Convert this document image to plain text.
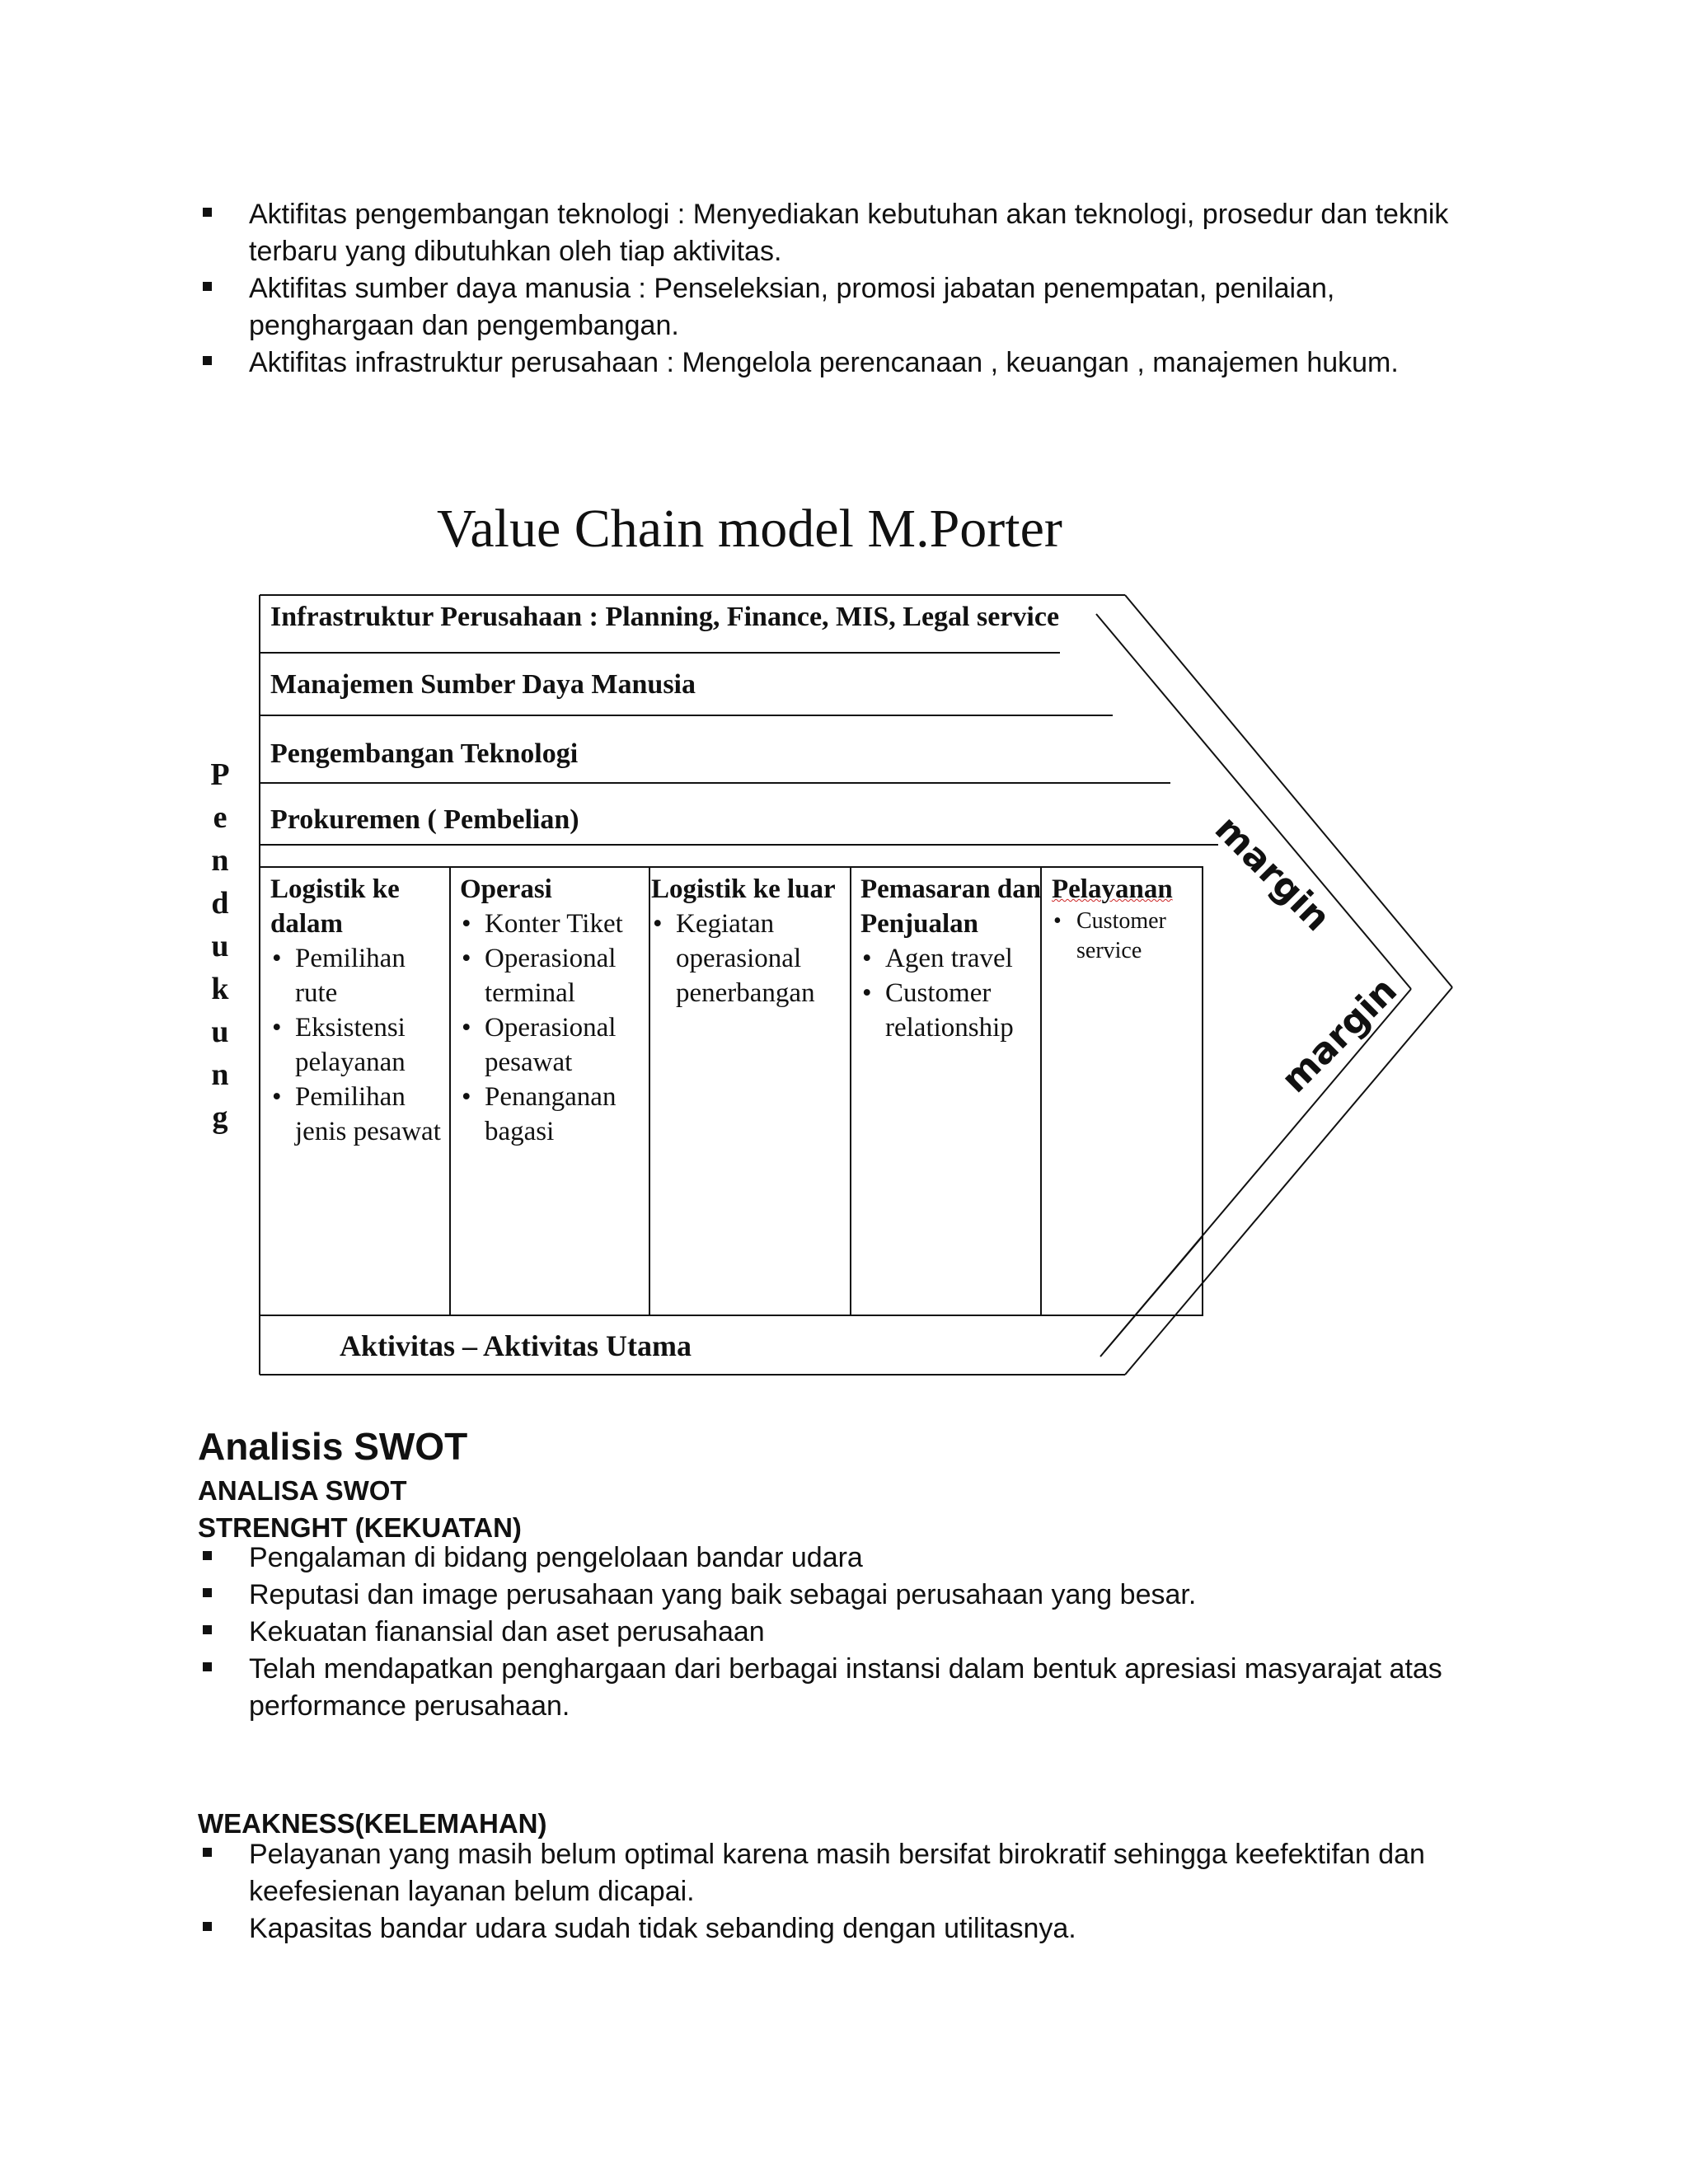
Aktifitas pengembangan teknologi : Menyediakan kebutuhan akan teknologi, prosedur dan teknik terbaru yang dibutuhkan oleh tiap aktivitas.
Aktifitas sumber daya manusia : Penseleksian, promosi jabatan penempatan, penilaian, penghargaan dan pengembangan.
Aktifitas infrastruktur perusahaan : Mengelola perencanaan , keuangan , manajemen hukum.
Value Chain model M.Porter
Infrastruktur Perusahaan : Planning, Finance, MIS, Legal service
Manajemen Sumber Daya Manusia
Pengembangan Teknologi
Prokuremen ( Pembelian)
P
e
n
d
u
k
u
n
g
Logistik ke dalam
• Pemilihan rute
• Eksistensi pelayanan
• Pemilihan jenis pesawat
Operasi
• Konter Tiket
• Operasional terminal
• Operasional pesawat
• Penanganan bagasi
Logistik ke luar
• Kegiatan operasional penerbangan
Pemasaran dan Penjualan
• Agen travel
• Customer relationship
Pelayanan
• Customer service
Aktivitas – Aktivitas Utama
margin
margin
Analisis SWOT
ANALISA SWOT
STRENGHT (KEKUATAN)
Pengalaman di bidang pengelolaan bandar udara
Reputasi dan image perusahaan yang baik sebagai perusahaan yang besar.
Kekuatan fianansial dan aset perusahaan
Telah mendapatkan penghargaan dari berbagai instansi dalam bentuk apresiasi masyarajat atas performance perusahaan.
WEAKNESS(KELEMAHAN)
Pelayanan yang masih belum optimal karena masih bersifat birokratif sehingga keefektifan dan keefesienan layanan belum dicapai.
Kapasitas bandar udara sudah tidak sebanding dengan utilitasnya.
